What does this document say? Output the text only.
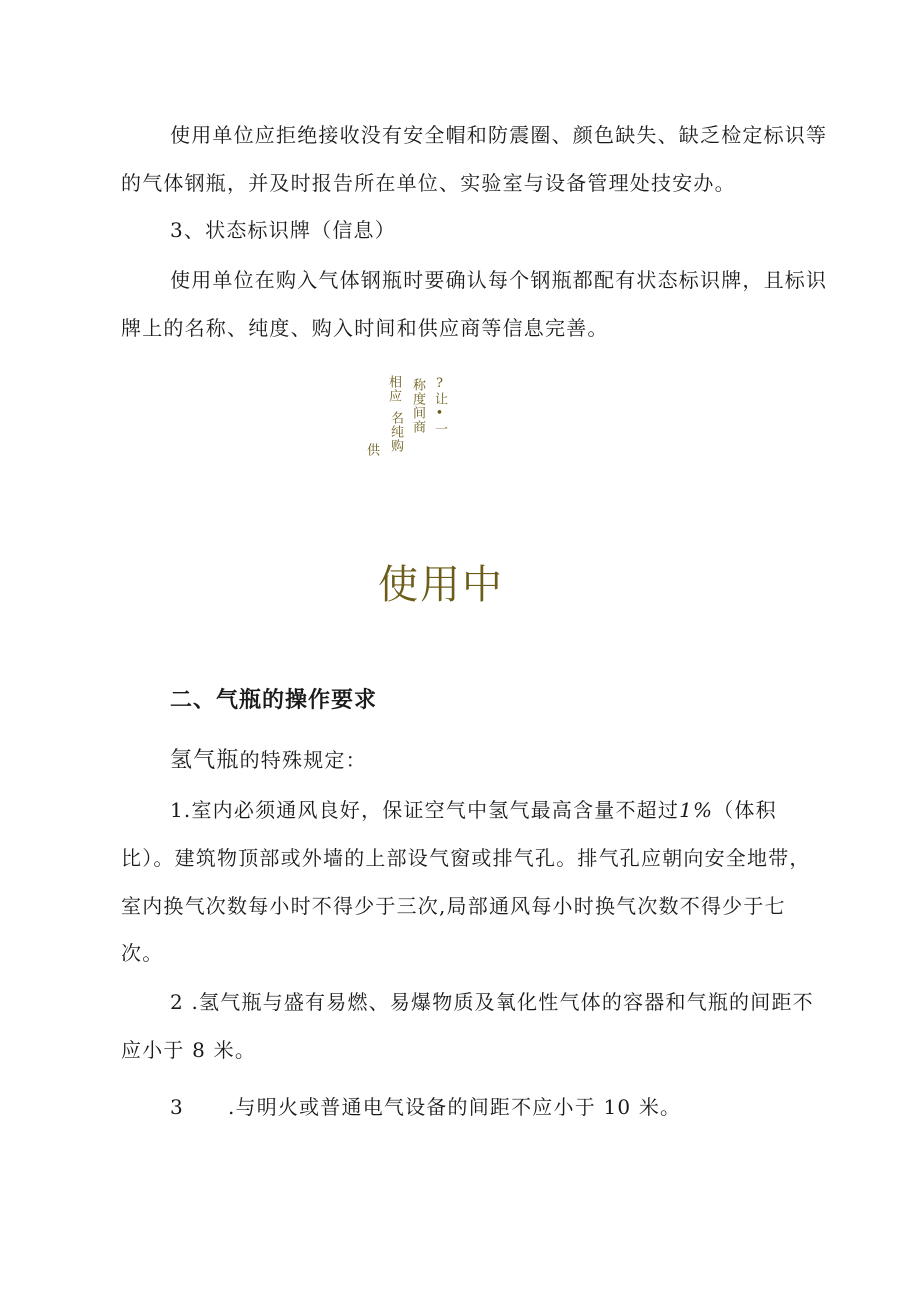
使用单位应拒绝接收没有安全帽和防震圈、颜色缺失、缺乏检定标识等
的气体钢瓶，并及时报告所在单位、实验室与设备管理处技安办。
3、状态标识牌（信息）
使用单位在购入气体钢瓶时要确认每个钢瓶都配有状态标识牌，且标识
牌上的名称、纯度、购入时间和供应商等信息完善。
供
相应
名纯购 称度间商 ?让•一
使用中
二、气瓶的操作要求
氢气瓶的特殊规定：
1.室内必须通风良好，保证空气中氢气最高含量不超过1%（体积
比）。建筑物顶部或外墙的上部设气窗或排气孔。排气孔应朝向安全地带，
室内换气次数每小时不得少于三次,局部通风每小时换气次数不得少于七
次。
2 .氢气瓶与盛有易燃、易爆物质及氧化性气体的容器和气瓶的间距不
应小于 8 米。
3 .与明火或普通电气设备的间距不应小于 10 米。
